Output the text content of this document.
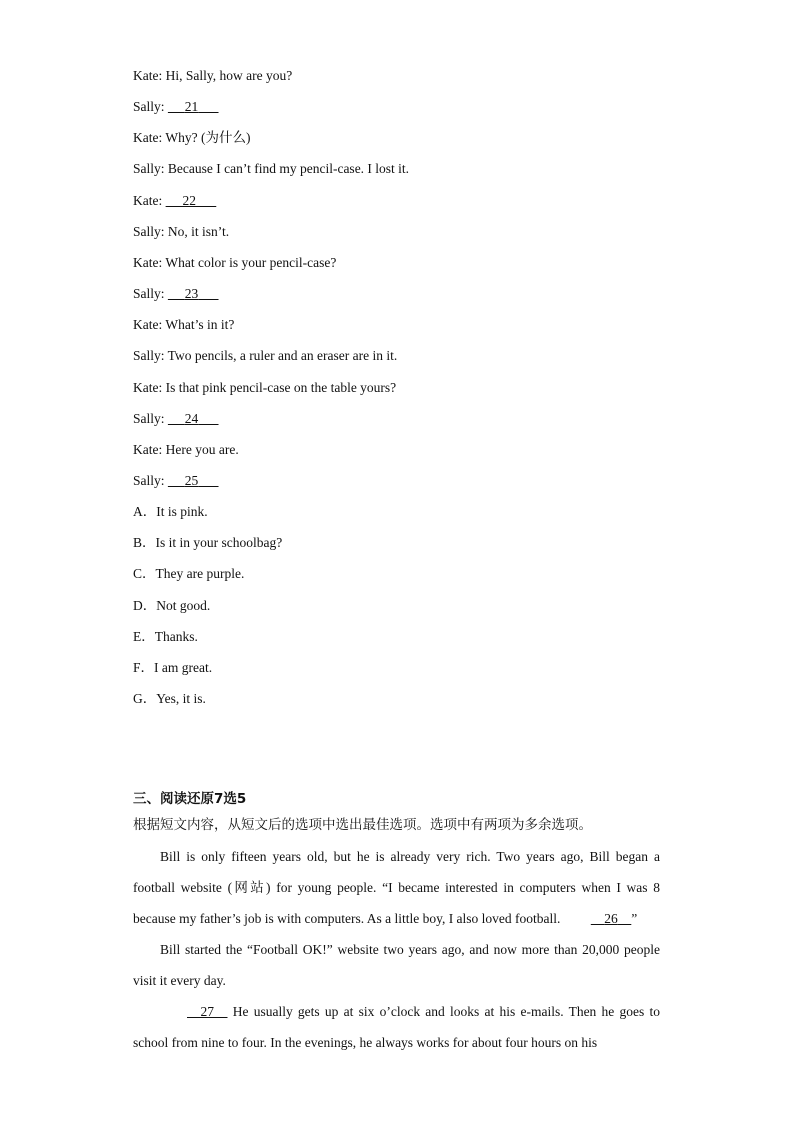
Kate: Hi, Sally, how are you?
Sally: 21
Kate: Why? (为什么)
Sally: Because I can’t find my pencil-case. I lost it.
Kate: 22
Sally: No, it isn’t.
Kate: What color is your pencil-case?
Sally: 23
Kate: What’s in it?
Sally: Two pencils, a ruler and an eraser are in it.
Kate: Is that pink pencil-case on the table yours?
Sally: 24
Kate: Here you are.
Sally: 25
A．It is pink.
B．Is it in your schoolbag?
C．They are purple.
D．Not good.
E．Thanks.
F．I am great.
G．Yes, it is.
三、阅读还原7选5
根据短文内容，从短文后的选项中选出最佳选项。选项中有两项为多余选项。
Bill is only fifteen years old, but he is already very rich. Two years ago, Bill began a football website (网站) for young people. “I became interested in computers when I was 8 because my father’s job is with computers. As a little boy, I also loved football.	26 ”
Bill started the “Football OK!” website two years ago, and now more than 20,000 people visit it every day.
27     He usually gets up at six o’clock and looks at his e-mails. Then he goes to school from nine to four. In the evenings, he always works for about four hours on his
